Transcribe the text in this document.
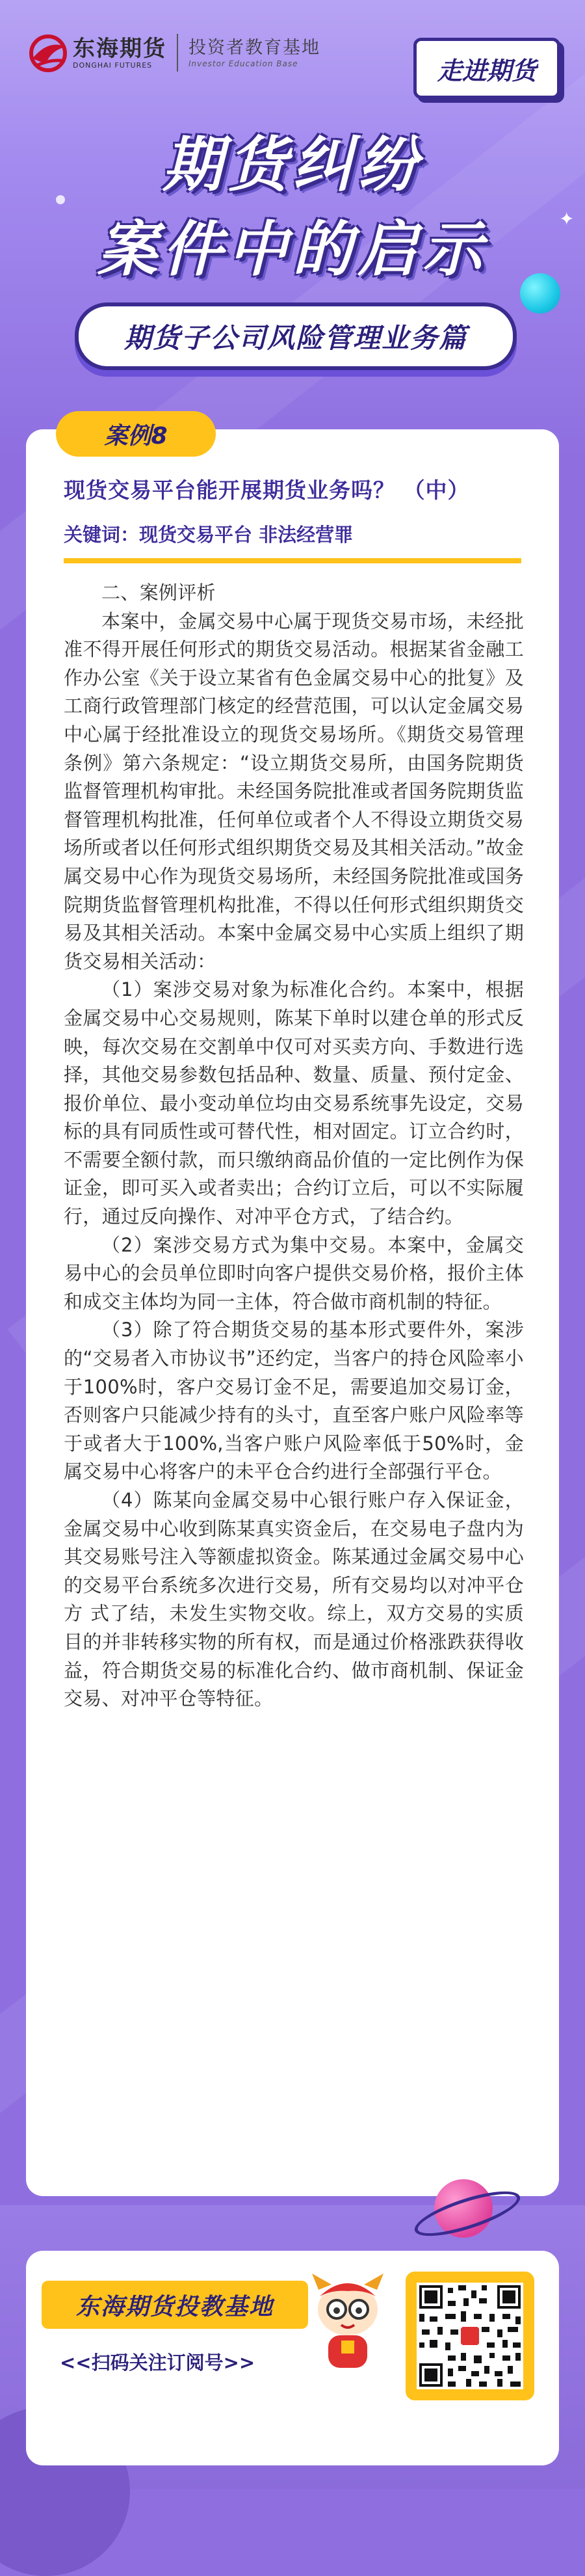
东海期货
DONGHAI FUTURES
投资者教育基地
Investor Education Base	走进期货
期货纠纷
案件中的启示	✦
期货子公司风险管理业务篇
案例8
现货交易平台能开展期货业务吗？ （中）
关键词：现货交易平台 非法经营罪

二、案例评析

本案中，金属交易中心属于现货交易市场，未经批准不得开展任何形式的期货交易活动。根据某省金融工作办公室《关于设立某省有色金属交易中心的批复》及工商行政管理部门核定的经营范围，可以认定金属交易中心属于经批准设立的现货交易场所。《期货交易管理条例》第六条规定：“设立期货交易所，由国务院期货监督管理机构审批。未经国务院批准或者国务院期货监督管理机构批准，任何单位或者个人不得设立期货交易场所或者以任何形式组织期货交易及其相关活动。”故金属交易中心作为现货交易场所，未经国务院批准或国务院期货监督管理机构批准，不得以任何形式组织期货交易及其相关活动。本案中金属交易中心实质上组织了期 货交易相关活动：

（1）案涉交易对象为标准化合约。本案中，根据金属交易中心交易规则，陈某下单时以建仓单的形式反映，每次交易在交割单中仅可对买卖方向、手数进行选择，其他交易参数包括品种、数量、质量、预付定金、报价单位、最小变动单位均由交易系统事先设定，交易标的具有同质性或可替代性，相对固定。订立合约时，不需要全额付款，而只缴纳商品价值的一定比例作为保证金，即可买入或者卖出；合约订立后，可以不实际履行，通过反向操作、对冲平仓方式，了结合约。

（2）案涉交易方式为集中交易。本案中，金属交易中心的会员单位即时向客户提供交易价格，报价主体和成交主体均为同一主体，符合做市商机制的特征。

（3）除了符合期货交易的基本形式要件外，案涉的“交易者入市协议书”还约定，当客户的持仓风险率小于100%时，客户交易订金不足，需要追加交易订金，否则客户只能减少持有的头寸，直至客户账户风险率等于或者大于100%,当客户账户风险率低于50%时，金属交易中心将客户的未平仓合约进行全部强行平仓。

（4）陈某向金属交易中心银行账户存入保证金，金属交易中心收到陈某真实资金后，在交易电子盘内为其交易账号注入等额虚拟资金。陈某通过金属交易中心的交易平台系统多次进行交易，所有交易均以对冲平仓方 式了结，未发生实物交收。综上，双方交易的实质目的并非转移实物的所有权，而是通过价格涨跌获得收益，符合期货交易的标准化合约、做市商机制、保证金交易、对冲平仓等特征。

东海期货投教基地
<<扫码关注订阅号>>
